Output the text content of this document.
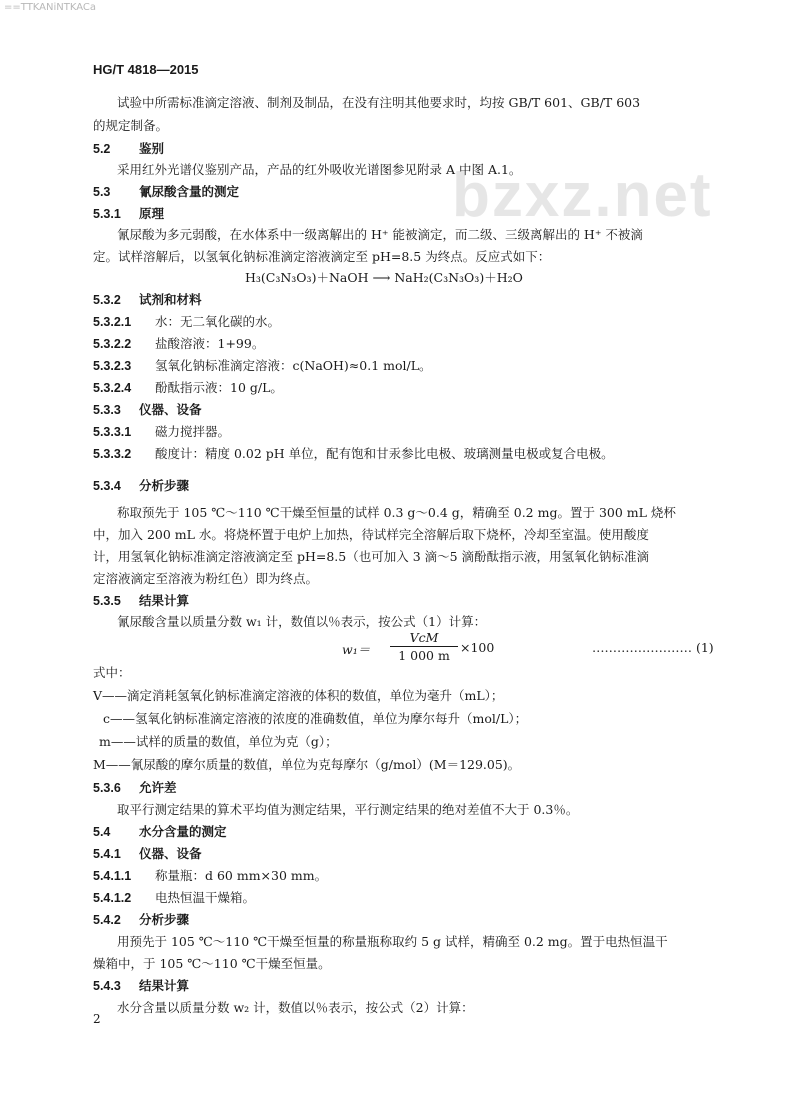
==TTKANiNTKACa
bzxz.net
HG/T 4818—2015
试验中所需标准滴定溶液、制剂及制品，在没有注明其他要求时，均按 GB/T 601、GB/T 603
的规定制备。
5.2 鉴别
采用红外光谱仪鉴别产品，产品的红外吸收光谱图参见附录 A 中图 A.1。
5.3 氰尿酸含量的测定
5.3.1 原理
氰尿酸为多元弱酸，在水体系中一级离解出的 H⁺ 能被滴定，而二级、三级离解出的 H⁺ 不被滴
定。试样溶解后，以氢氧化钠标准滴定溶液滴定至 pH=8.5 为终点。反应式如下：
H₃(C₃N₃O₃)＋NaOH ⟶ NaH₂(C₃N₃O₃)＋H₂O
5.3.2 试剂和材料
5.3.2.1 水：无二氧化碳的水。
5.3.2.2 盐酸溶液：1+99。
5.3.2.3 氢氧化钠标准滴定溶液：c(NaOH)≈0.1 mol/L。
5.3.2.4 酚酞指示液：10 g/L。
5.3.3 仪器、设备
5.3.3.1 磁力搅拌器。
5.3.3.2 酸度计：精度 0.02 pH 单位，配有饱和甘汞参比电极、玻璃测量电极或复合电极。
5.3.4 分析步骤
称取预先于 105 ℃～110 ℃干燥至恒量的试样 0.3 g～0.4 g，精确至 0.2 mg。置于 300 mL 烧杯
中，加入 200 mL 水。将烧杯置于电炉上加热，待试样完全溶解后取下烧杯，冷却至室温。使用酸度
计，用氢氧化钠标准滴定溶液滴定至 pH=8.5（也可加入 3 滴～5 滴酚酞指示液，用氢氧化钠标准滴
定溶液滴定至溶液为粉红色）即为终点。
5.3.5 结果计算
氰尿酸含量以质量分数 w₁ 计，数值以％表示，按公式（1）计算：
w₁＝
VcM
1 000 m
×100	…………………… (1)
式中：
V——滴定消耗氢氧化钠标准滴定溶液的体积的数值，单位为毫升（mL）；
c——氢氧化钠标准滴定溶液的浓度的准确数值，单位为摩尔每升（mol/L）；
m——试样的质量的数值，单位为克（g）；
M——氰尿酸的摩尔质量的数值，单位为克每摩尔（g/mol）(M＝129.05)。
5.3.6 允许差
取平行测定结果的算术平均值为测定结果，平行测定结果的绝对差值不大于 0.3％。
5.4 水分含量的测定
5.4.1 仪器、设备
5.4.1.1 称量瓶：d 60 mm×30 mm。
5.4.1.2 电热恒温干燥箱。
5.4.2 分析步骤
用预先于 105 ℃～110 ℃干燥至恒量的称量瓶称取约 5 g 试样，精确至 0.2 mg。置于电热恒温干
燥箱中，于 105 ℃～110 ℃干燥至恒量。
5.4.3 结果计算
水分含量以质量分数 w₂ 计，数值以％表示，按公式（2）计算：
2
